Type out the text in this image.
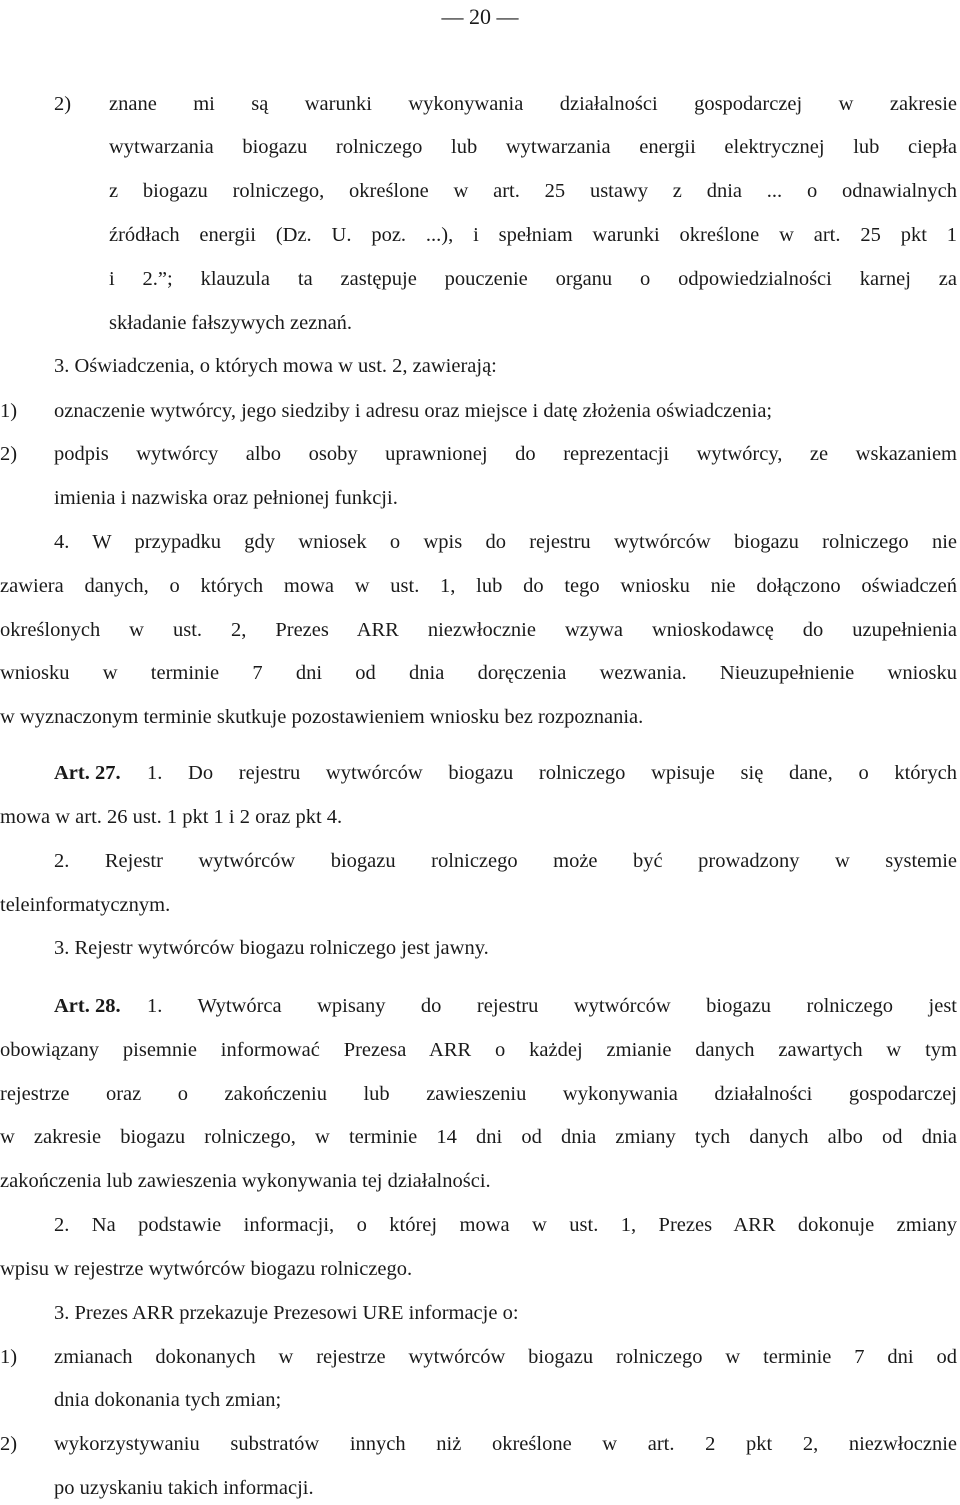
— 20 —
2) znane mi są warunki wykonywania działalności gospodarczej w zakresie
wytwarzania biogazu rolniczego lub wytwarzania energii elektrycznej lub ciepła
z biogazu rolniczego, określone w art. 25 ustawy z dnia ... o odnawialnych
źródłach energii (Dz. U. poz. ...), i spełniam warunki określone w art. 25 pkt 1
i 2.”; klauzula ta zastępuje pouczenie organu o odpowiedzialności karnej za
składanie fałszywych zeznań.
3. Oświadczenia, o których mowa w ust. 2, zawierają:
1) oznaczenie wytwórcy, jego siedziby i adresu oraz miejsce i datę złożenia oświadczenia;
2) podpis wytwórcy albo osoby uprawnionej do reprezentacji wytwórcy, ze wskazaniem
imienia i nazwiska oraz pełnionej funkcji.
4. W przypadku gdy wniosek o wpis do rejestru wytwórców biogazu rolniczego nie
zawiera danych, o których mowa w ust. 1, lub do tego wniosku nie dołączono oświadczeń
określonych w ust. 2, Prezes ARR niezwłocznie wzywa wnioskodawcę do uzupełnienia
wniosku w terminie 7 dni od dnia doręczenia wezwania. Nieuzupełnienie wniosku
w wyznaczonym terminie skutkuje pozostawieniem wniosku bez rozpoznania.
Art. 27. 1. Do rejestru wytwórców biogazu rolniczego wpisuje się dane, o których
mowa w art. 26 ust. 1 pkt 1 i 2 oraz pkt 4.
2. Rejestr wytwórców biogazu rolniczego może być prowadzony w systemie
teleinformatycznym.
3. Rejestr wytwórców biogazu rolniczego jest jawny.
Art. 28. 1. Wytwórca wpisany do rejestru wytwórców biogazu rolniczego jest
obowiązany pisemnie informować Prezesa ARR o każdej zmianie danych zawartych w tym
rejestrze oraz o zakończeniu lub zawieszeniu wykonywania działalności gospodarczej
w zakresie biogazu rolniczego, w terminie 14 dni od dnia zmiany tych danych albo od dnia
zakończenia lub zawieszenia wykonywania tej działalności.
2. Na podstawie informacji, o której mowa w ust. 1, Prezes ARR dokonuje zmiany
wpisu w rejestrze wytwórców biogazu rolniczego.
3. Prezes ARR przekazuje Prezesowi URE informacje o:
1) zmianach dokonanych w rejestrze wytwórców biogazu rolniczego w terminie 7 dni od
dnia dokonania tych zmian;
2) wykorzystywaniu substratów innych niż określone w art. 2 pkt 2, niezwłocznie
po uzyskaniu takich informacji.
